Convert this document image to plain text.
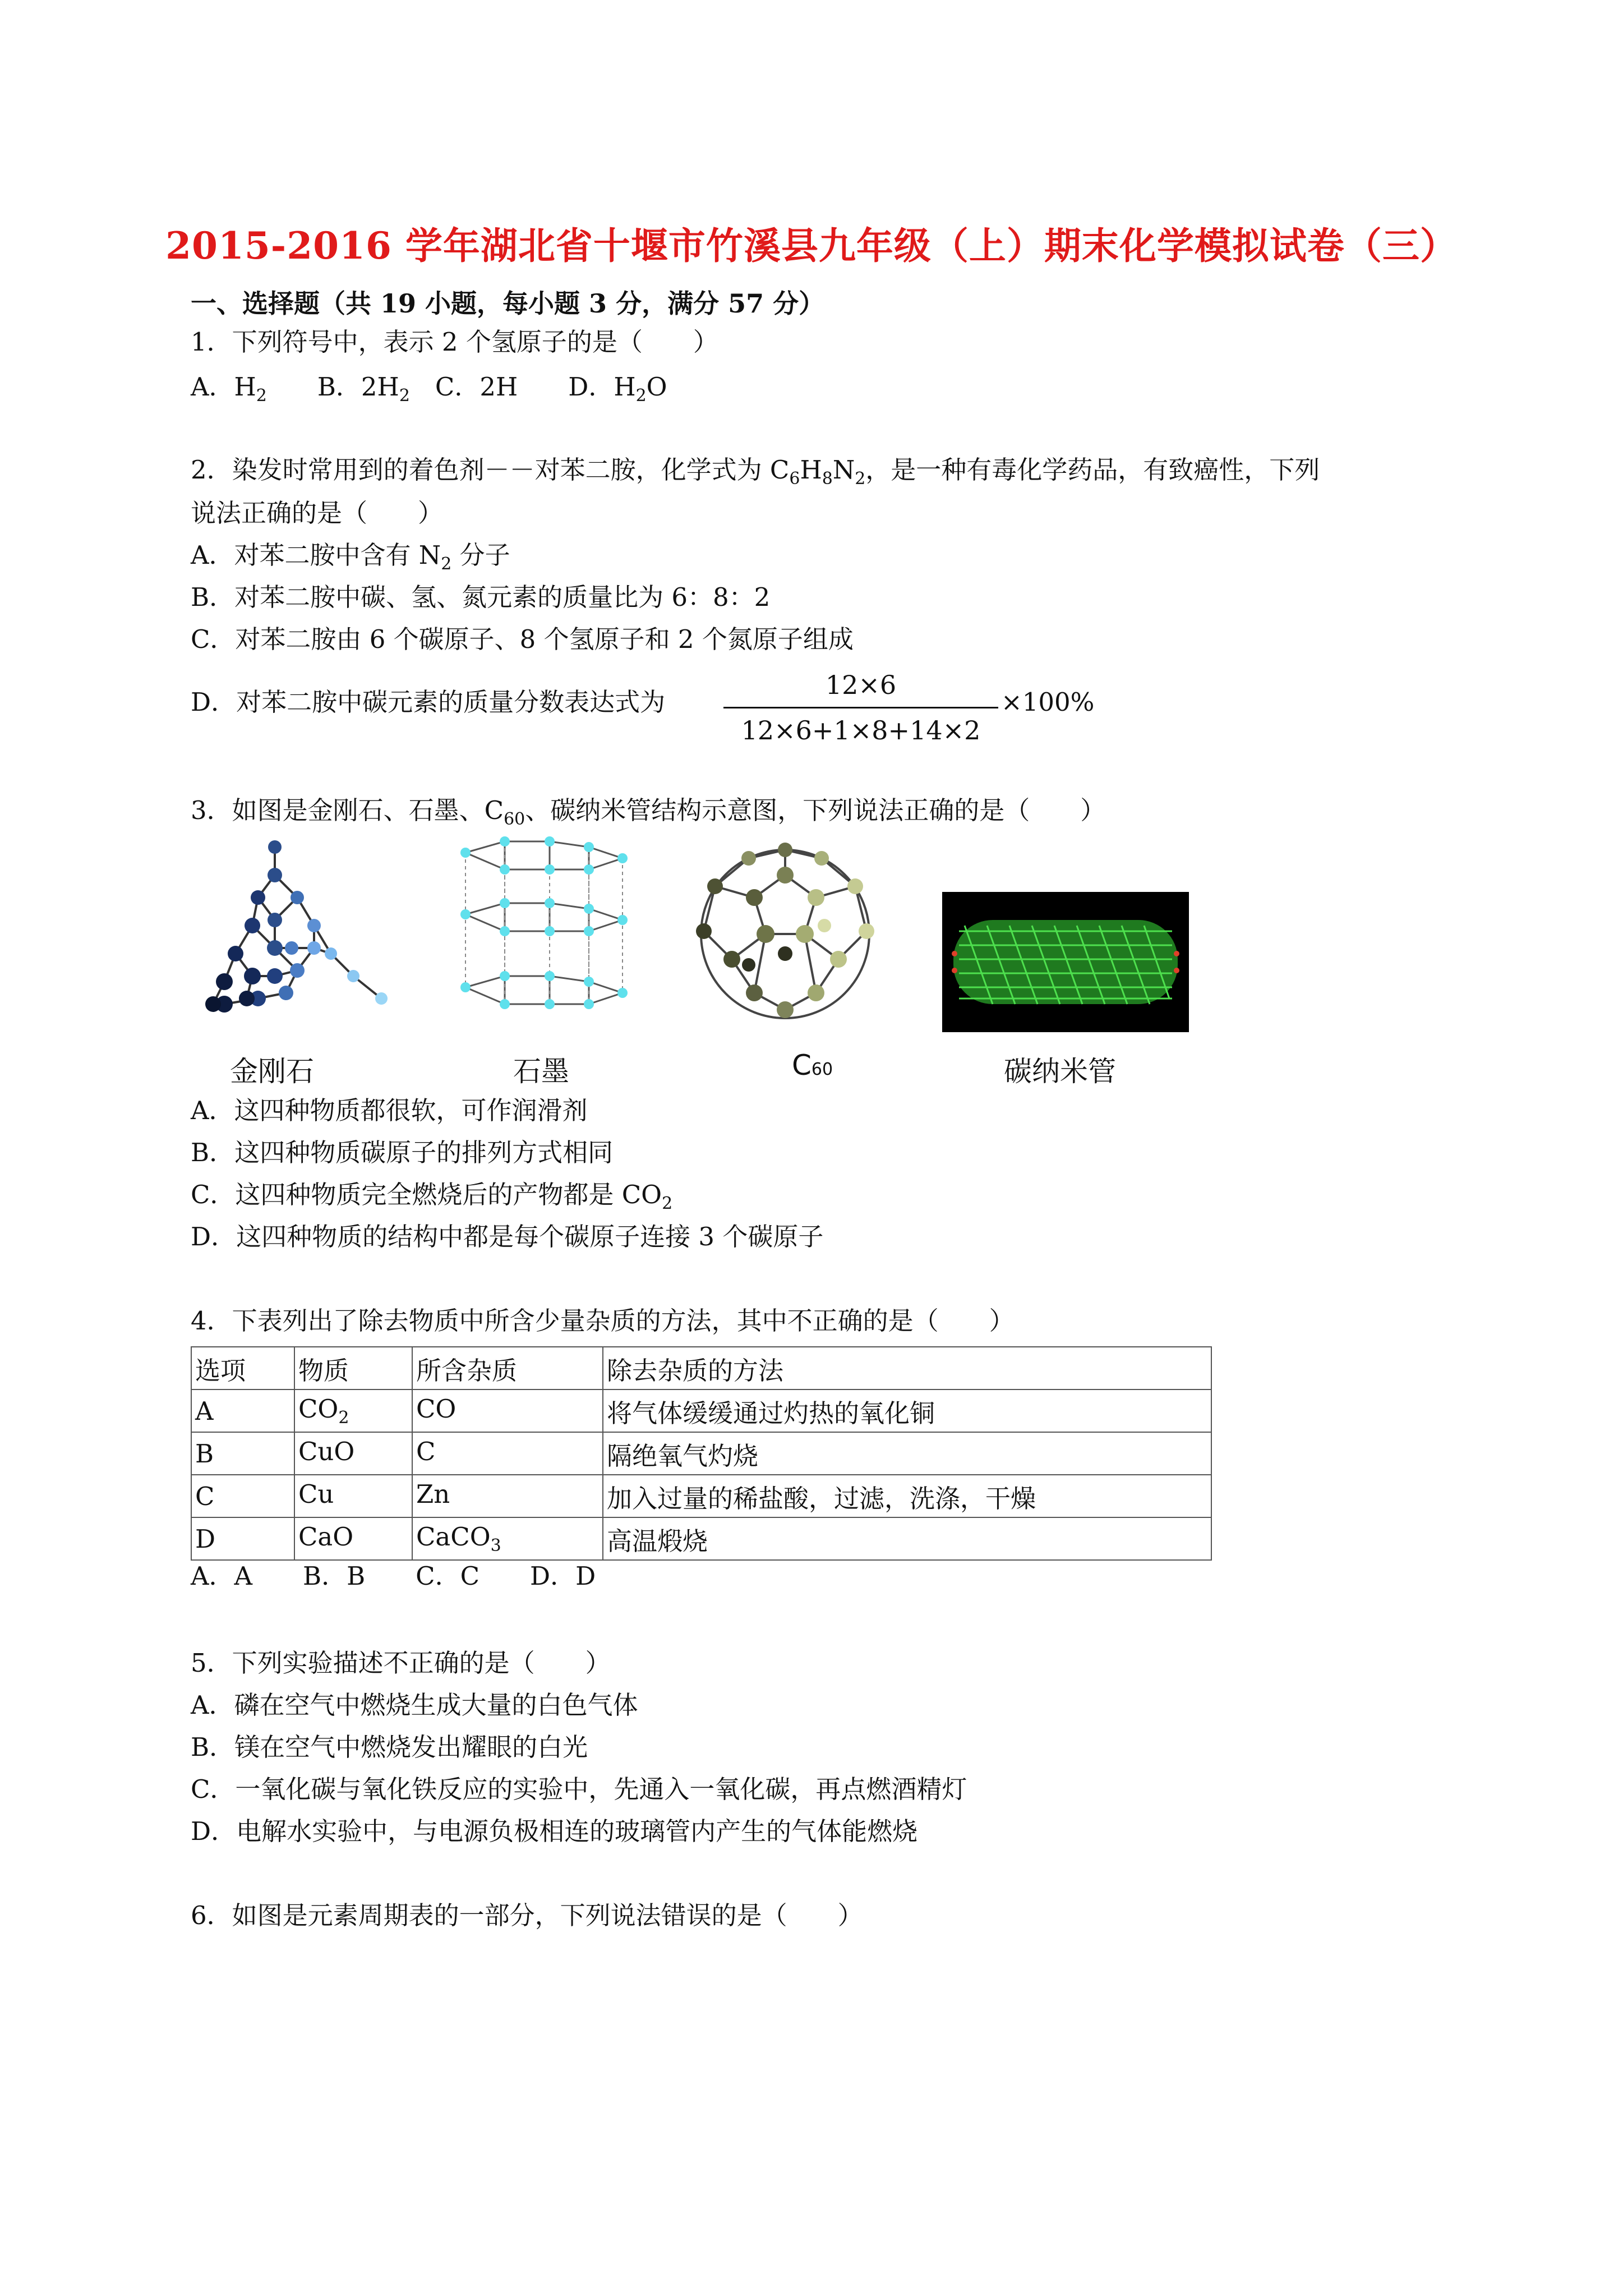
2015-2016 学年湖北省十堰市竹溪县九年级（上）期末化学模拟试卷（三）
一、选择题（共 19 小题，每小题 3 分，满分 57 分）
1．下列符号中，表示 2 个氢原子的是（　　）
A．$H_2$　　 B．$2H_2$　 C．2H　　 D．$H_2O$
2．染发时常用到的着色剂－－对苯二胺，化学式为 $C_6H_8N_2$，是一种有毒化学药品，有致癌性，下列
说法正确的是（　　）
A．对苯二胺中含有 $N_2$ 分子
B．对苯二胺中碳、氢、氮元素的质量比为 6：8：2
C．对苯二胺由 6 个碳原子、8 个氢原子和 2 个氮原子组成
D．对苯二胺中碳元素的质量分数表达式为
12×6
12×6+1×8+14×2
×100%
3．如图是金刚石、石墨、$C_{60}$、碳纳米管结构示意图，下列说法正确的是（　　）
金刚石	石墨	C60	碳纳米管
A．这四种物质都很软，可作润滑剂
B．这四种物质碳原子的排列方式相同
C．这四种物质完全燃烧后的产物都是 $CO_2$
D．这四种物质的结构中都是每个碳原子连接 3 个碳原子
4．下表列出了除去物质中所含少量杂质的方法，其中不正确的是（　　）
选项	物质	所含杂质	除去杂质的方法
A	$CO_2$	CO	将气体缓缓通过灼热的氧化铜
B	CuO	C	隔绝氧气灼烧
C	Cu	Zn	加入过量的稀盐酸，过滤，洗涤，干燥
D	CaO	CaCO$_3$	高温煅烧
A．A　　B．B　　C．C　　D．D
5．下列实验描述不正确的是（　　）
A．磷在空气中燃烧生成大量的白色气体
B．镁在空气中燃烧发出耀眼的白光
C．一氧化碳与氧化铁反应的实验中，先通入一氧化碳，再点燃酒精灯
D．电解水实验中，与电源负极相连的玻璃管内产生的气体能燃烧
6．如图是元素周期表的一部分，下列说法错误的是（　　）
